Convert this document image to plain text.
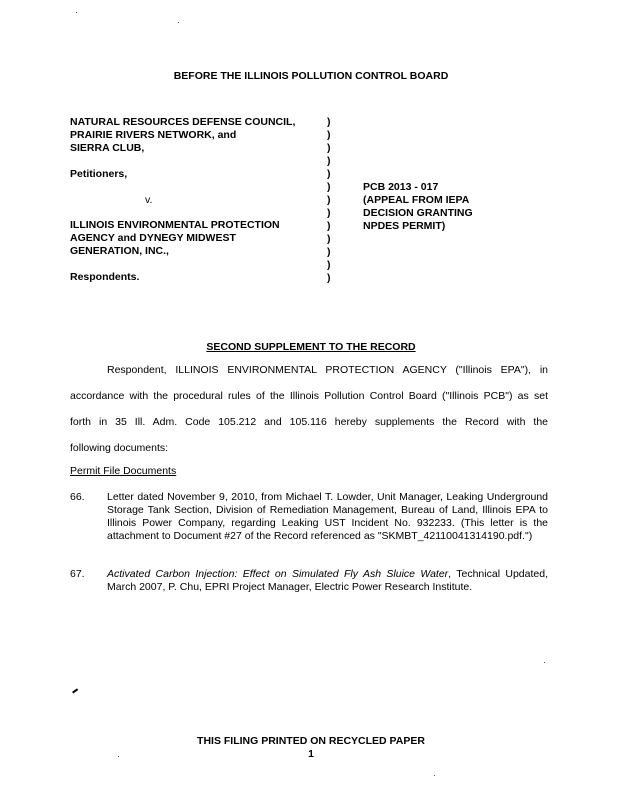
BEFORE THE ILLINOIS POLLUTION CONTROL BOARD
NATURAL RESOURCES DEFENSE COUNCIL,
PRAIRIE RIVERS NETWORK, and
SIERRA CLUB,
Petitioners,
v.
ILLINOIS ENVIRONMENTAL PROTECTION
AGENCY and DYNEGY MIDWEST
GENERATION, INC.,
Respondents.
)
)
)
)
)
)
)
)
)
)
)
)
)
PCB 2013 - 017
(APPEAL FROM IEPA
DECISION GRANTING
NPDES PERMIT)
SECOND SUPPLEMENT TO THE RECORD
Respondent, ILLINOIS ENVIRONMENTAL PROTECTION AGENCY ("Illinois EPA"), in
accordance with the procedural rules of the Illinois Pollution Control Board ("Illinois PCB") as set
forth in 35 Ill. Adm. Code 105.212 and 105.116 hereby supplements the Record with the
following documents:
Permit File Documents
66. Letter dated November 9, 2010, from Michael T. Lowder, Unit Manager, Leaking Underground Storage Tank Section, Division of Remediation Management, Bureau of Land, Illinois EPA to Illinois Power Company, regarding Leaking UST Incident No. 932233. (This letter is the attachment to Document #27 of the Record referenced as "SKMBT_42110041314190.pdf.")
67. Activated Carbon Injection: Effect on Simulated Fly Ash Sluice Water, Technical Updated, March 2007, P. Chu, EPRI Project Manager, Electric Power Research Institute.
THIS FILING PRINTED ON RECYCLED PAPER
1
